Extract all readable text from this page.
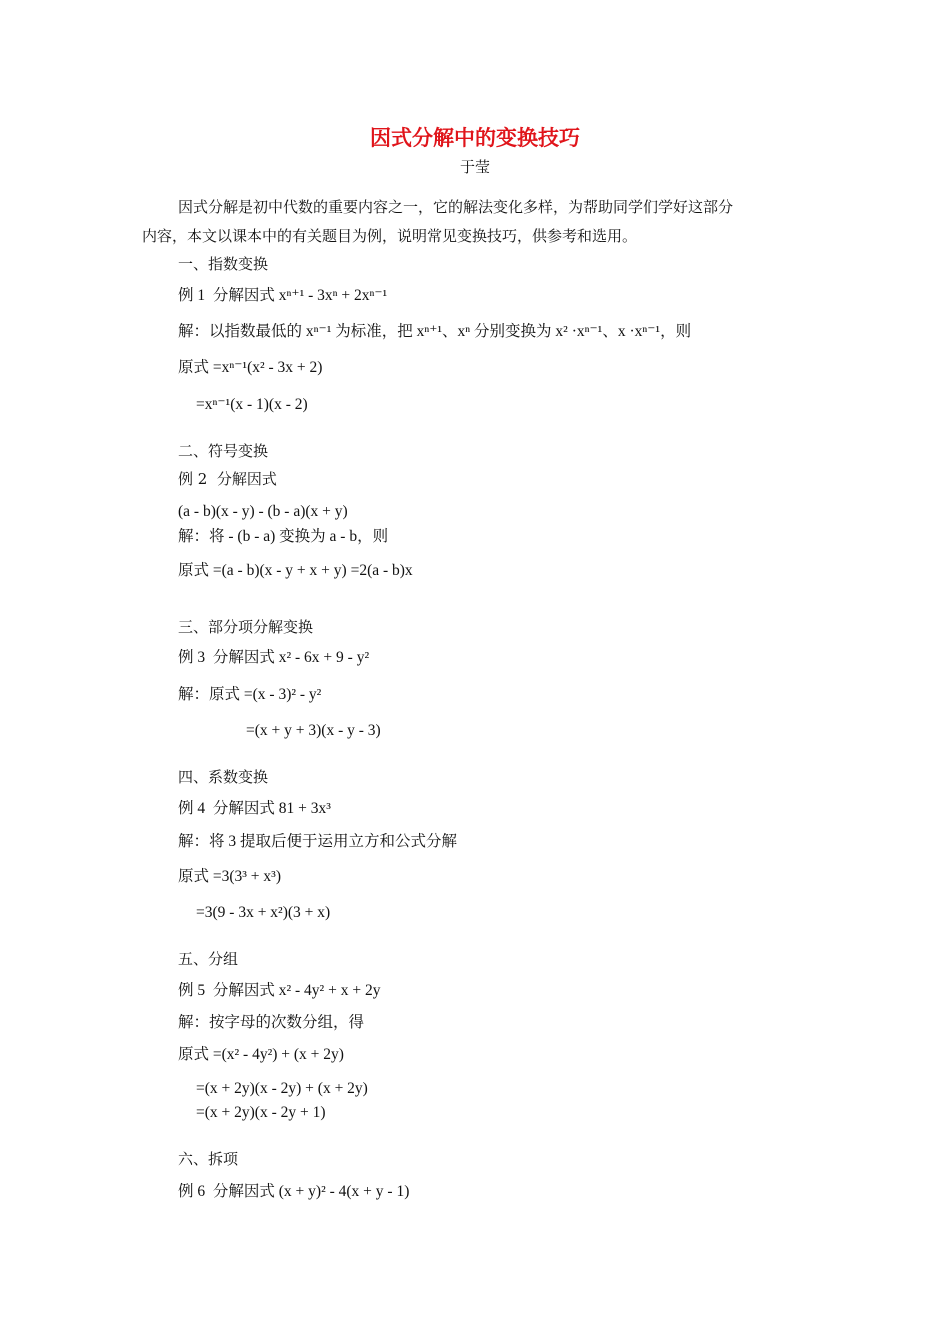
因式分解中的变换技巧
于莹
因式分解是初中代数的重要内容之一，它的解法变化多样，为帮助同学们学好这部分
内容，本文以课本中的有关题目为例，说明常见变换技巧，供参考和选用。
一、指数变换
例 1  分解因式 xⁿ⁺¹ - 3xⁿ + 2xⁿ⁻¹
解：以指数最低的 xⁿ⁻¹ 为标准，把 xⁿ⁺¹、xⁿ 分别变换为 x² ·xⁿ⁻¹、x ·xⁿ⁻¹，则
原式 =xⁿ⁻¹(x² - 3x + 2)
=xⁿ⁻¹(x - 1)(x - 2)
二、符号变换
例 2  分解因式
(a - b)(x - y) - (b - a)(x + y)
解：将 - (b - a) 变换为 a - b，则
原式 =(a - b)(x - y + x + y) =2(a - b)x
三、部分项分解变换
例 3  分解因式 x² - 6x + 9 - y²
解：原式 =(x - 3)² - y²
=(x + y + 3)(x - y - 3)
四、系数变换
例 4  分解因式 81 + 3x³
解：将 3 提取后便于运用立方和公式分解
原式 =3(3³ + x³)
=3(9 - 3x + x²)(3 + x)
五、分组
例 5  分解因式 x² - 4y² + x + 2y
解：按字母的次数分组，得
原式 =(x² - 4y²) + (x + 2y)
=(x + 2y)(x - 2y) + (x + 2y)
=(x + 2y)(x - 2y + 1)
六、拆项
例 6  分解因式 (x + y)² - 4(x + y - 1)
